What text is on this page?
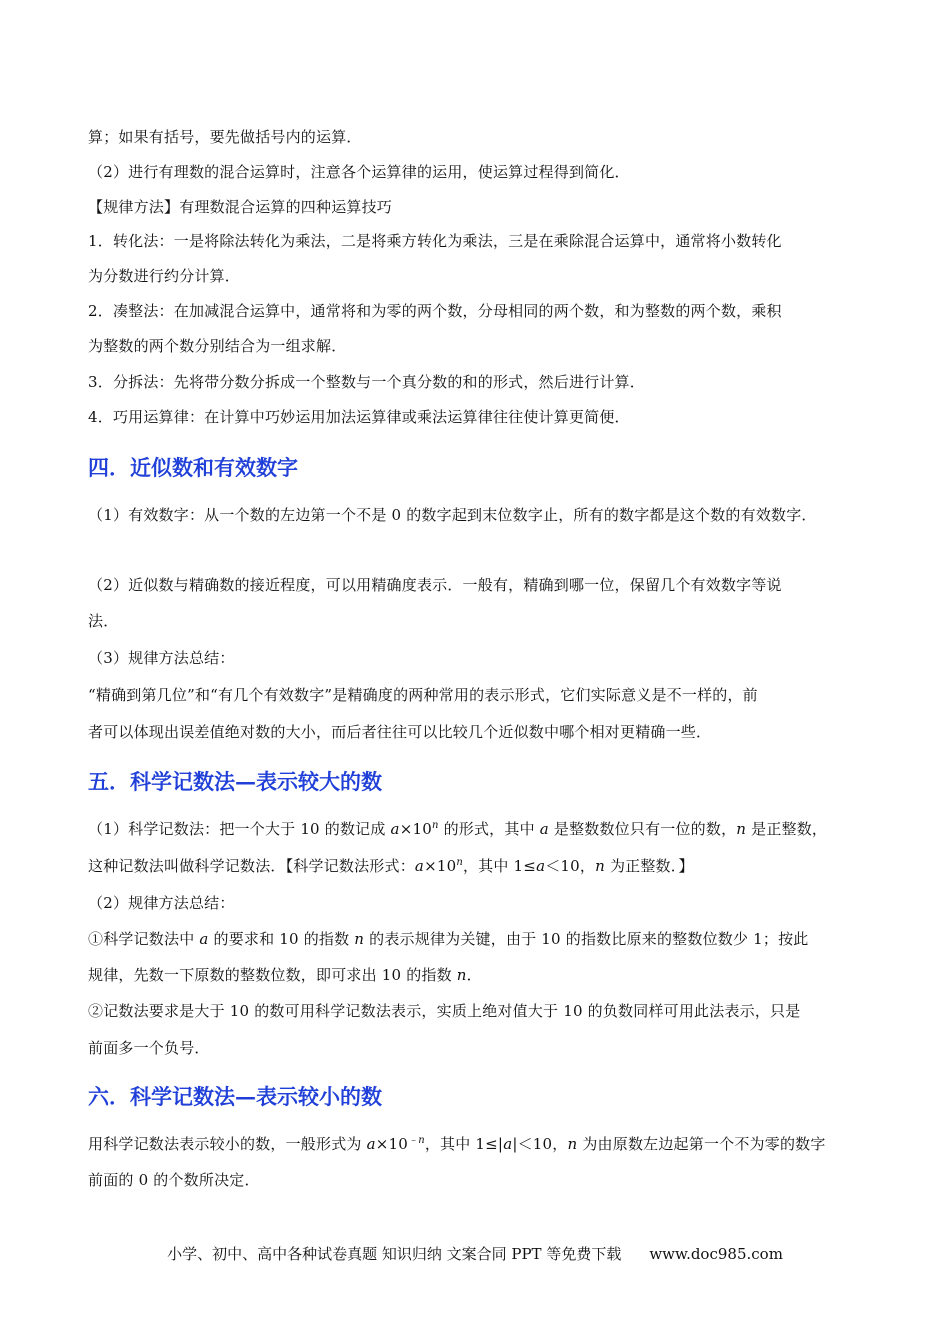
算；如果有括号，要先做括号内的运算．
（2）进行有理数的混合运算时，注意各个运算律的运用，使运算过程得到简化．
【规律方法】有理数混合运算的四种运算技巧
1．转化法：一是将除法转化为乘法，二是将乘方转化为乘法，三是在乘除混合运算中，通常将小数转化
为分数进行约分计算．
2．凑整法：在加减混合运算中，通常将和为零的两个数，分母相同的两个数，和为整数的两个数，乘积
为整数的两个数分别结合为一组求解．
3．分拆法：先将带分数分拆成一个整数与一个真分数的和的形式，然后进行计算．
4．巧用运算律：在计算中巧妙运用加法运算律或乘法运算律往往使计算更简便．
四．近似数和有效数字
（1）有效数字：从一个数的左边第一个不是 0 的数字起到末位数字止，所有的数字都是这个数的有效数字．
（2）近似数与精确数的接近程度，可以用精确度表示．一般有，精确到哪一位，保留几个有效数字等说
法．
（3）规律方法总结：
“精确到第几位”和“有几个有效数字”是精确度的两种常用的表示形式，它们实际意义是不一样的，前
者可以体现出误差值绝对数的大小，而后者往往可以比较几个近似数中哪个相对更精确一些．
五．科学记数法—表示较大的数
（1）科学记数法：把一个大于 10 的数记成 $a\times 10^n$ 的形式，其中 a 是整数数位只有一位的数，n 是正整数，
这种记数法叫做科学记数法．【科学记数法形式：$a\times 10^n$，其中 1≤a＜10，n 为正整数．】
（2）规律方法总结：
①科学记数法中 a 的要求和 10 的指数 n 的表示规律为关键，由于 10 的指数比原来的整数位数少 1；按此
规律，先数一下原数的整数位数，即可求出 10 的指数 n．
②记数法要求是大于 10 的数可用科学记数法表示，实质上绝对值大于 10 的负数同样可用此法表示，只是
前面多一个负号．
六．科学记数法—表示较小的数
用科学记数法表示较小的数，一般形式为 $a\times 10^{﹣n}$，其中 1≤|a|＜10，n 为由原数左边起第一个不为零的数字
前面的 0 的个数所决定．
小学、初中、高中各种试卷真题 知识归纳 文案合同 PPT 等免费下载 www.doc985.com
